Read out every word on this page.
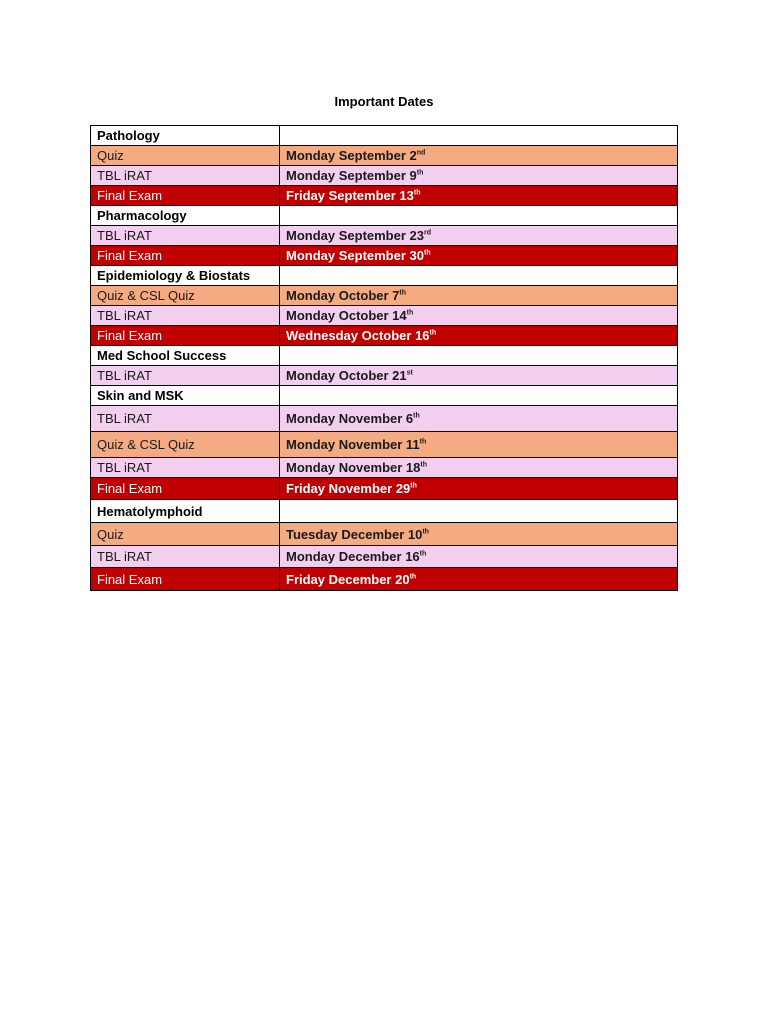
Important Dates
Pathology	
Quiz	Monday September 2nd
TBL iRAT	Monday September 9th
Final Exam	Friday September 13th
Pharmacology	
TBL iRAT	Monday September 23rd
Final Exam	Monday September 30th
Epidemiology & Biostats	
Quiz & CSL Quiz	Monday October 7th
TBL iRAT	Monday October 14th
Final Exam	Wednesday October 16th
Med School Success	
TBL iRAT	Monday October 21st
Skin and MSK	
TBL iRAT	Monday November 6th
Quiz & CSL Quiz	Monday November 11th
TBL iRAT	Monday November 18th
Final Exam	Friday November 29th
Hematolymphoid	
Quiz	Tuesday December 10th
TBL iRAT	Monday December 16th
Final Exam	Friday December 20th
